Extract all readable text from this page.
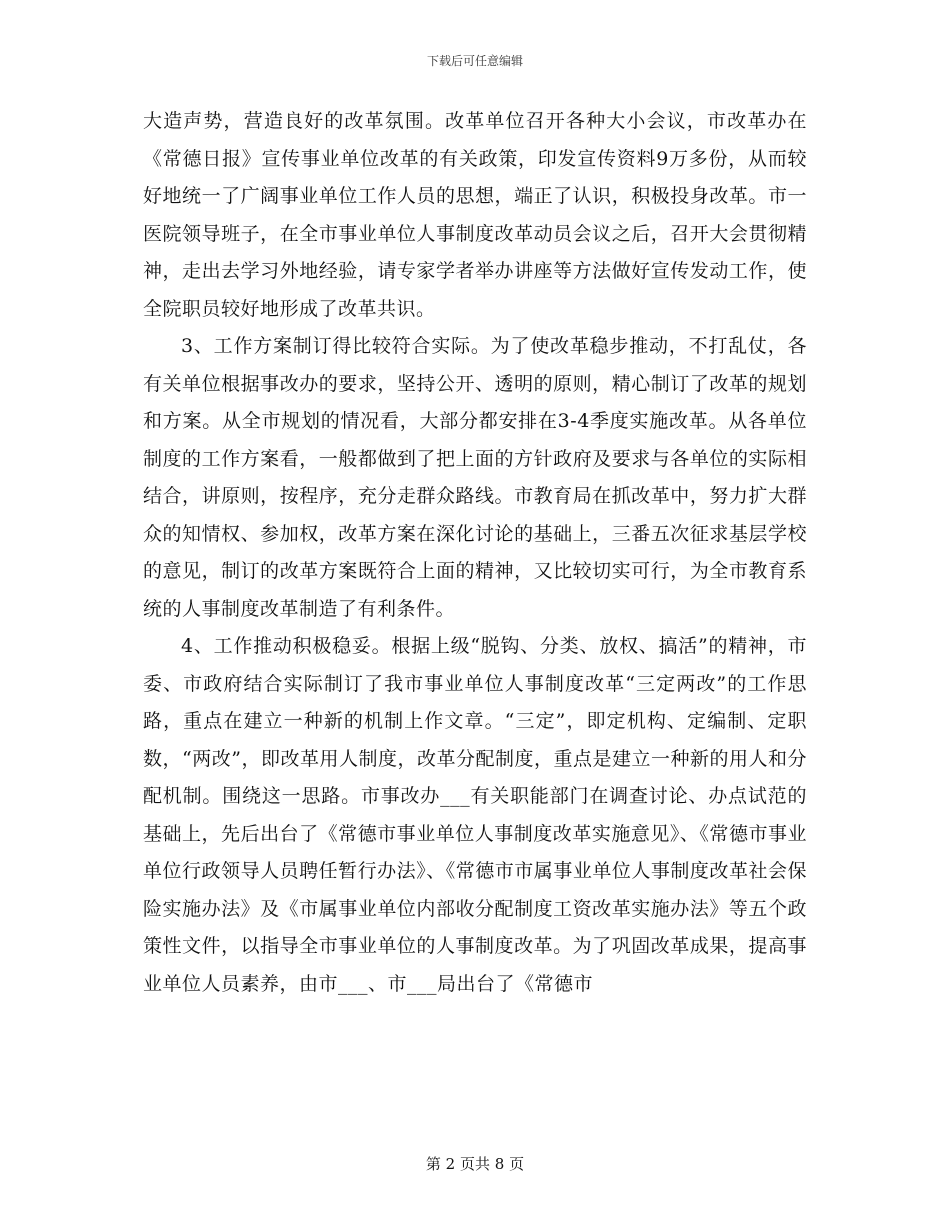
下载后可任意编辑

大造声势，营造良好的改革氛围。改革单位召开各种大小会议，市改革办在《常德日报》宣传事业单位改革的有关政策，印发宣传资料9万多份，从而较好地统一了广阔事业单位工作人员的思想，端正了认识，积极投身改革。市一医院领导班子，在全市事业单位人事制度改革动员会议之后，召开大会贯彻精神，走出去学习外地经验，请专家学者举办讲座等方法做好宣传发动工作，使全院职员较好地形成了改革共识。

3、工作方案制订得比较符合实际。为了使改革稳步推动，不打乱仗，各有关单位根据事改办的要求，坚持公开、透明的原则，精心制订了改革的规划和方案。从全市规划的情况看，大部分都安排在3-4季度实施改革。从各单位制度的工作方案看，一般都做到了把上面的方针政府及要求与各单位的实际相结合，讲原则，按程序，充分走群众路线。市教育局在抓改革中，努力扩大群众的知情权、参加权，改革方案在深化讨论的基础上，三番五次征求基层学校的意见，制订的改革方案既符合上面的精神，又比较切实可行，为全市教育系统的人事制度改革制造了有利条件。

4、工作推动积极稳妥。根据上级“脱钩、分类、放权、搞活”的精神，市委、市政府结合实际制订了我市事业单位人事制度改革“三定两改”的工作思路，重点在建立一种新的机制上作文章。“三定”，即定机构、定编制、定职数，“两改”，即改革用人制度，改革分配制度，重点是建立一种新的用人和分配机制。围绕这一思路。市事改办___有关职能部门在调查讨论、办点试范的基础上，先后出台了《常德市事业单位人事制度改革实施意见》、《常德市事业单位行政领导人员聘任暂行办法》、《常德市市属事业单位人事制度改革社会保险实施办法》及《市属事业单位内部收分配制度工资改革实施办法》等五个政策性文件，以指导全市事业单位的人事制度改革。为了巩固改革成果，提高事业单位人员素养，由市___、市___局出台了《常德市

第 2 页共 8 页
